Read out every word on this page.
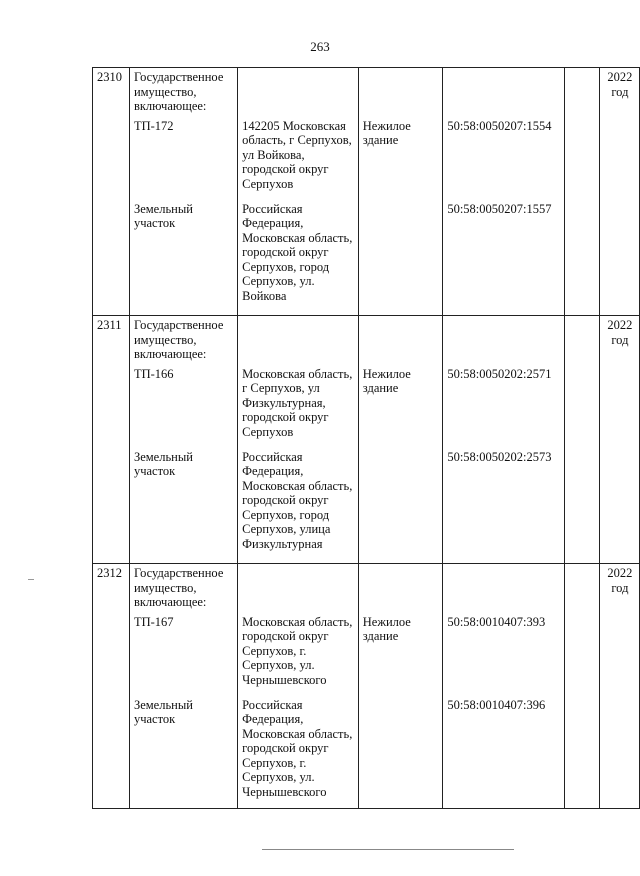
263
2310	Государственное имущество, включающее:					2022 год
	ТП-172	142205 Московская область, г Серпухов, ул Войкова, городской округ Серпухов	Нежилое здание	50:58:0050207:1554		
	Земельный участок	Российская Федерация, Московская область, городской округ Серпухов, город Серпухов, ул. Войкова		50:58:0050207:1557		
2311	Государственное имущество, включающее:					2022 год
	ТП-166	Московская область, г Серпухов, ул Физкультурная, городской округ Серпухов	Нежилое здание	50:58:0050202:2571		
	Земельный участок	Российская Федерация, Московская область, городской округ Серпухов, город Серпухов, улица Физкультурная		50:58:0050202:2573		
2312	Государственное имущество, включающее:					2022 год
	ТП-167	Московская область, городской округ Серпухов, г. Серпухов, ул. Чернышевского	Нежилое здание	50:58:0010407:393		
	Земельный участок	Российская Федерация, Московская область, городской округ Серпухов, г. Серпухов, ул. Чернышевского		50:58:0010407:396		
